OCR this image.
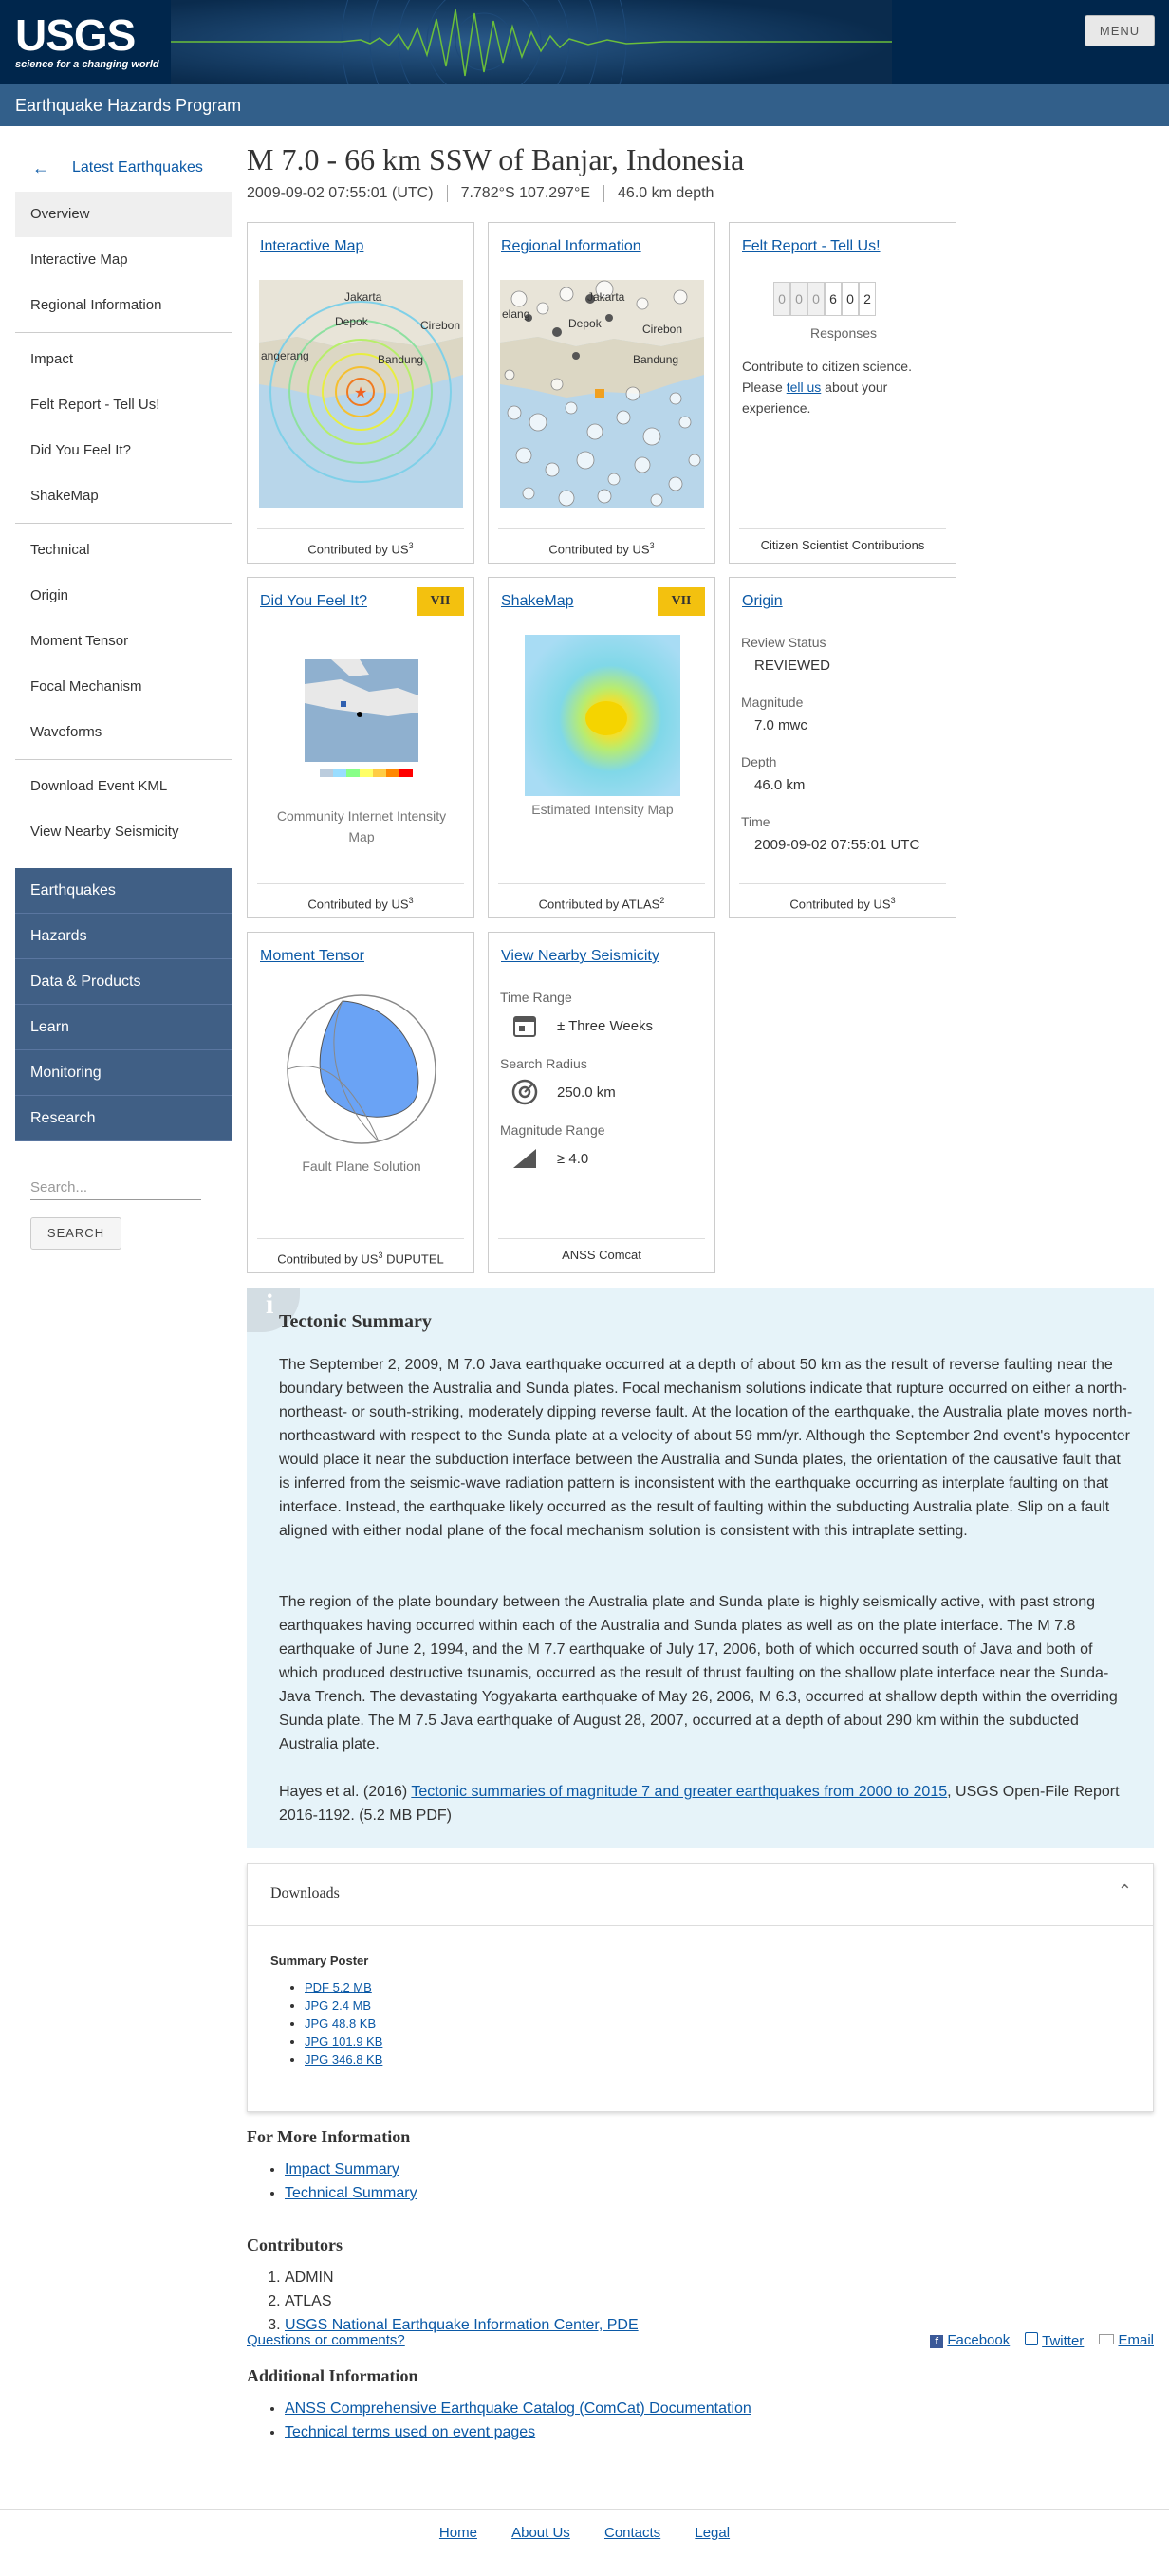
USGS
science for a changing world
MENU
Earthquake Hazards Program
← Latest Earthquakes
Overview
Interactive Map
Regional Information
Impact
Felt Report - Tell Us!
Did You Feel It?
ShakeMap
Technical
Origin
Moment Tensor
Focal Mechanism
Waveforms
Download Event KML
View Nearby Seismicity
Earthquakes
Hazards
Data & Products
Learn
Monitoring
Research
Search...
SEARCH
M 7.0 - 66 km SSW of Banjar, Indonesia
2009-09-02 07:55:01 (UTC)	7.782°S 107.297°E	46.0 km depth
Interactive Map
★
angerang
Jakarta
Depok	Cirebon
Bandung
Contributed by $US^3$
Regional Information
elang
Jakarta
Depok	Cirebon
Bandung
Contributed by $US^3$
Felt Report - Tell Us!
0 0 0 6 0 2
Responses
Contribute to citizen science. Please tell us about your experience.
Citizen Scientist Contributions
Did You Feel It?	VII
Community Internet Intensity Map
Contributed by $US^3$
ShakeMap	VII
Estimated Intensity Map
Contributed by ATLAS$^2$
Origin
Review Status
REVIEWED
Magnitude
7.0 mwc
Depth
46.0 km
Time
2009-09-02 07:55:01 UTC
Contributed by $US^3$
Moment Tensor
Fault Plane Solution
Contributed by $US^3$ DUPUTEL
View Nearby Seismicity
Time Range
± Three Weeks
Search Radius
250.0 km
Magnitude Range
≥ 4.0
ANSS Comcat
i
Tectonic Summary

The September 2, 2009, M 7.0 Java earthquake occurred at a depth of about 50 km as the result of reverse faulting near the boundary between the Australia and Sunda plates. Focal mechanism solutions indicate that rupture occurred on either a north-northeast- or south-striking, moderately dipping reverse fault. At the location of the earthquake, the Australia plate moves north-northeastward with respect to the Sunda plate at a velocity of about 59 mm/yr. Although the September 2nd event's hypocenter would place it near the subduction interface between the Australia and Sunda plates, the orientation of the causative fault that is inferred from the seismic-wave radiation pattern is inconsistent with the earthquake occurring as interplate faulting on that interface. Instead, the earthquake likely occurred as the result of faulting within the subducting Australia plate. Slip on a fault aligned with either nodal plane of the focal mechanism solution is consistent with this intraplate setting.

The region of the plate boundary between the Australia plate and Sunda plate is highly seismically active, with past strong earthquakes having occurred within each of the Australia and Sunda plates as well as on the plate interface. The M 7.8 earthquake of June 2, 1994, and the M 7.7 earthquake of July 17, 2006, both of which occurred south of Java and both of which produced destructive tsunamis, occurred as the result of thrust faulting on the shallow plate interface near the Sunda-Java Trench. The devastating Yogyakarta earthquake of May 26, 2006, M 6.3, occurred at shallow depth within the overriding Sunda plate. The M 7.5 Java earthquake of August 28, 2007, occurred at a depth of about 290 km within the subducted Australia plate.

Hayes et al. (2016) Tectonic summaries of magnitude 7 and greater earthquakes from 2000 to 2015, USGS Open-File Report 2016-1192. (5.2 MB PDF)

Downloads	⌃
Summary Poster
• PDF 5.2 MB
• JPG 2.4 MB
• JPG 48.8 KB
• JPG 101.9 KB
• JPG 346.8 KB
For More Information
• Impact Summary
• Technical Summary
Contributors
1. ADMIN
2. ATLAS
3. USGS National Earthquake Information Center, PDE
Additional Information
• ANSS Comprehensive Earthquake Catalog (ComCat) Documentation
• Technical terms used on event pages
Questions or comments?	f Facebook	Twitter	Email
Home About Us Contacts Legal
